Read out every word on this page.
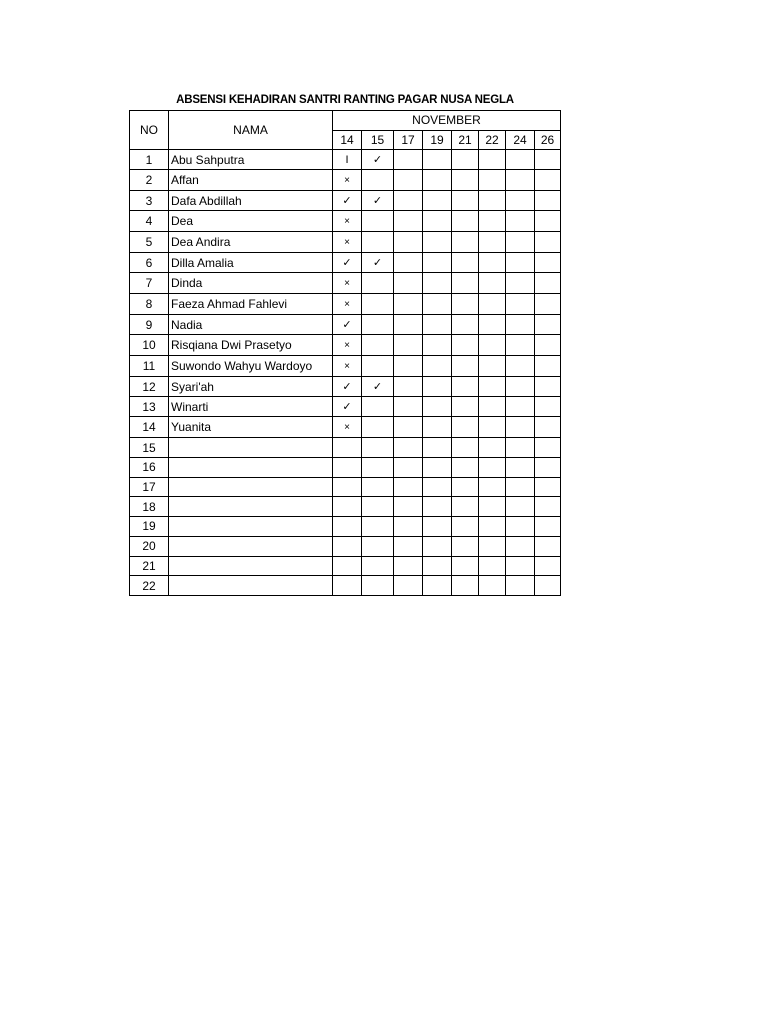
ABSENSI KEHADIRAN SANTRI RANTING PAGAR NUSA NEGLA
NO	NAMA	NOVEMBER							
		14	15	17	19	21	22	24	26
1	Abu Sahputra	I	✓						
2	Affan	×							
3	Dafa Abdillah	✓	✓						
4	Dea	×							
5	Dea Andira	×							
6	Dilla Amalia	✓	✓						
7	Dinda	×							
8	Faeza Ahmad Fahlevi	×							
9	Nadia	✓							
10	Risqiana Dwi Prasetyo	×							
11	Suwondo Wahyu Wardoyo	×							
12	Syari'ah	✓	✓						
13	Winarti	✓							
14	Yuanita	×							
15									
16									
17									
18									
19									
20									
21									
22									
